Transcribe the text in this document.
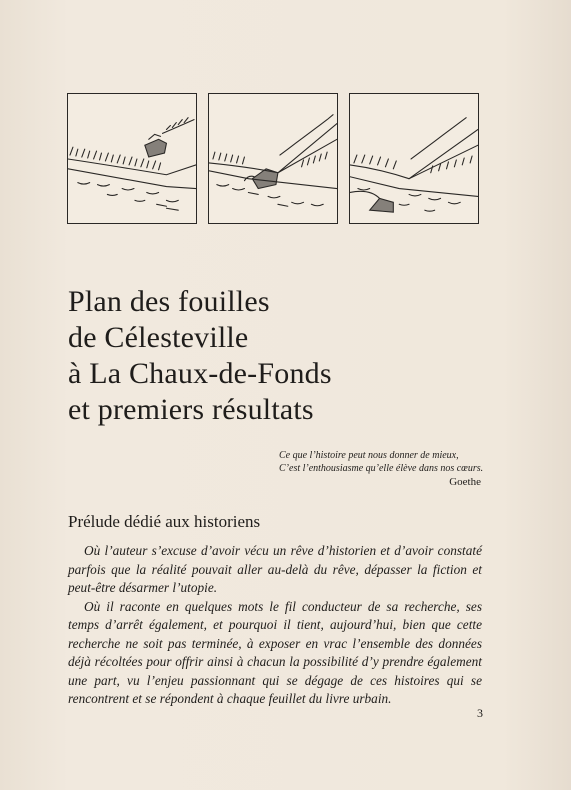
Plan des fouilles
de Célesteville
à La Chaux-de-Fonds
et premiers résultats
Ce que l’histoire peut nous donner de mieux,
C’est l’enthousiasme qu’elle élève dans nos cœurs.
Goethe
Prélude dédié aux historiens

Où l’auteur s’excuse d’avoir vécu un rêve d’historien et d’avoir constaté parfois que la réalité pouvait aller au-delà du rêve, dépasser la fiction et peut-être désarmer l’utopie.

Où il raconte en quelques mots le fil conducteur de sa recherche, ses temps d’arrêt également, et pourquoi il tient, aujourd’hui, bien que cette recherche ne soit pas terminée, à exposer en vrac l’ensemble des données déjà récoltées pour offrir ainsi à chacun la possibilité d’y prendre également une part, vu l’enjeu passionnant qui se dégage de ces histoires qui se rencontrent et se répondent à chaque feuillet du livre urbain.

3
